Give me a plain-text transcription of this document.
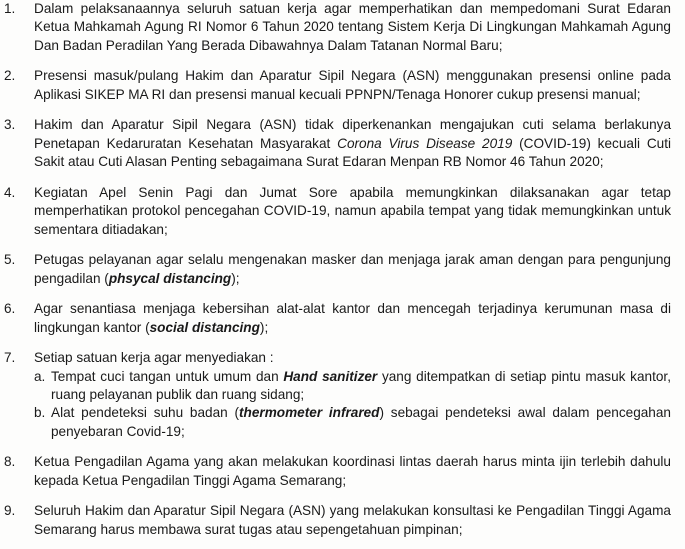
1. Dalam pelaksanaannya seluruh satuan kerja agar memperhatikan dan mempedomani Surat Edaran Ketua Mahkamah Agung RI Nomor 6 Tahun 2020 tentang Sistem Kerja Di Lingkungan Mahkamah Agung Dan Badan Peradilan Yang Berada Dibawahnya Dalam Tatanan Normal Baru;
2. Presensi masuk/pulang Hakim dan Aparatur Sipil Negara (ASN) menggunakan presensi online pada Aplikasi SIKEP MA RI dan presensi manual kecuali PPNPN/Tenaga Honorer cukup presensi manual;
3. Hakim dan Aparatur Sipil Negara (ASN) tidak diperkenankan mengajukan cuti selama berlakunya Penetapan Kedaruratan Kesehatan Masyarakat Corona Virus Disease 2019 (COVID-19) kecuali Cuti Sakit atau Cuti Alasan Penting sebagaimana Surat Edaran Menpan RB Nomor 46 Tahun 2020;
4. Kegiatan Apel Senin Pagi dan Jumat Sore apabila memungkinkan dilaksanakan agar tetap memperhatikan protokol pencegahan COVID-19, namun apabila tempat yang tidak memungkinkan untuk sementara ditiadakan;
5. Petugas pelayanan agar selalu mengenakan masker dan menjaga jarak aman dengan para pengunjung pengadilan (phsycal distancing);
6. Agar senantiasa menjaga kebersihan alat-alat kantor dan mencegah terjadinya kerumunan masa di lingkungan kantor (social distancing);
7. Setiap satuan kerja agar menyediakan :
a. Tempat cuci tangan untuk umum dan Hand sanitizer yang ditempatkan di setiap pintu masuk kantor, ruang pelayanan publik dan ruang sidang;
b. Alat pendeteksi suhu badan (thermometer infrared) sebagai pendeteksi awal dalam pencegahan penyebaran Covid-19;
8. Ketua Pengadilan Agama yang akan melakukan koordinasi lintas daerah harus minta ijin terlebih dahulu kepada Ketua Pengadilan Tinggi Agama Semarang;
9. Seluruh Hakim dan Aparatur Sipil Negara (ASN) yang melakukan konsultasi ke Pengadilan Tinggi Agama Semarang harus membawa surat tugas atau sepengetahuan pimpinan;
